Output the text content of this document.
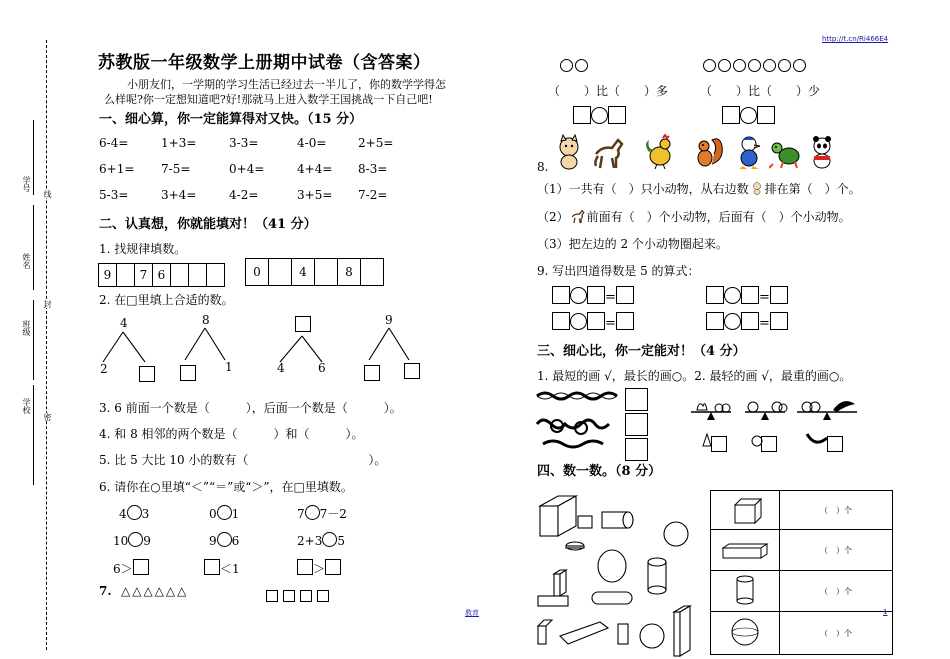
http://t.cn/Ri466E4
学号
姓名
班级
学校
线
封
密
苏教版一年级数学上册期中试卷（含答案）
小朋友们，一学期的学习生活已经过去一半儿了，你的数学学得怎
么样呢?你一定想知道吧?好!那就马上进入数学王国挑战一下自己吧!
一、细心算，你一定能算得对又快。（15 分）
6-4=	1+3=	3-3=	4-0=	2+5=
6+1= 7-5=	0+4=	4+4= 8-3=
5-3=	3+4=	4-2=	3+5= 7-2=
二、认真想，你就能填对！（41 分）
1. 找规律填数。
9		7	6				0		4		8	
2. 在□里填上合适的数。
4
2
8
1	4	6
9
3. 6 前面一个数是（　　　），后面一个数是（　　　）。
4. 和 8 相邻的两个数是（　　　）和（　　　）。
5. 比 5 大比 10 小的数有（　　　　　　　　　　）。
6. 请你在○里填“＜”“＝”或“＞”，在□里填数。
4 3	0 1	7 7－2
10 9	9 6	2+3 5
6＞	＜1	＞
7. △△△△△△

教育	1
（　　）比（　　）多	（　　）比（　　）少
8.
（1）一共有（　）只小动物，从右边数 排在第（　）个。
（2） 前面有（　）个小动物，后面有（　）个小动物。
（3）把左边的 2 个小动物圈起来。
9. 写出四道得数是 5 的算式：
=	=
=	=
三、细心比，你一定能对！（4 分）
1. 最短的画 √，最长的画○。2. 最轻的画 √，最重的画○。
四、数一数。（8 分）
	（　）个
	（　）个
	（　）个
	（　）个
